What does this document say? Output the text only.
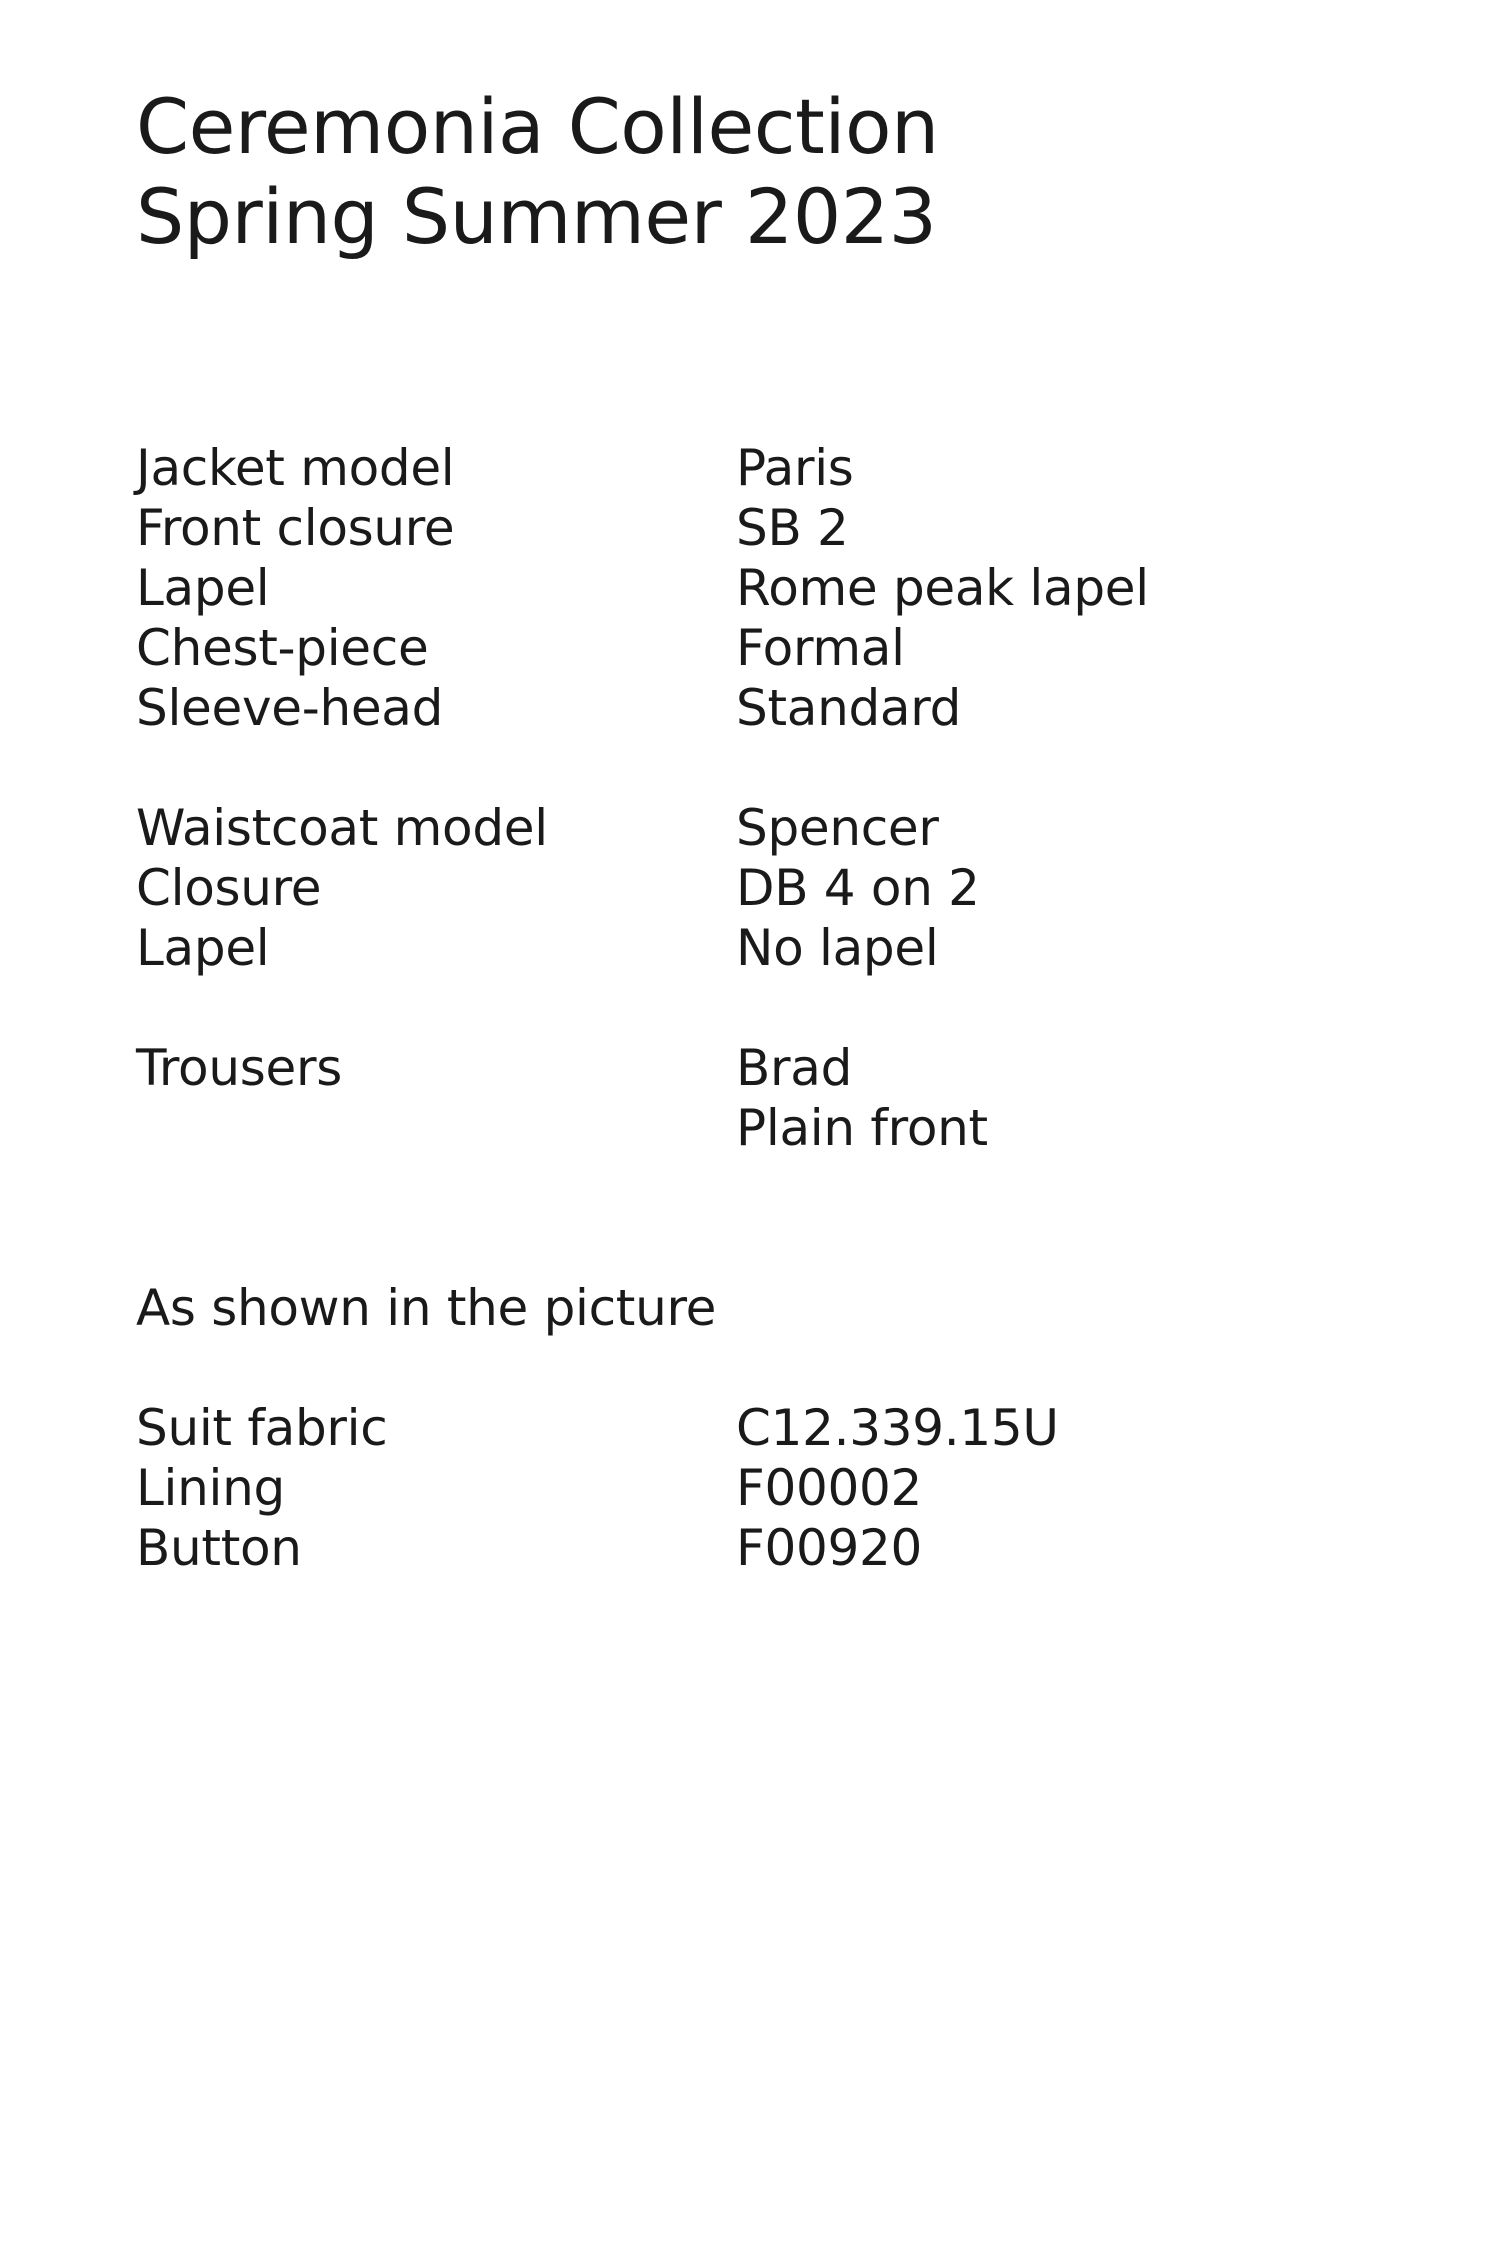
Ceremonia Collection
Spring Summer 2023
Jacket model	Paris
Front closure	SB 2
Lapel	Rome peak lapel
Chest-piece	Formal
Sleeve-head	Standard
Waistcoat model	Spencer
Closure	DB 4 on 2
Lapel	No lapel
Trousers	Brad
Plain front
As shown in the picture
Suit fabric	C12.339.15U
Lining	F00002
Button	F00920
